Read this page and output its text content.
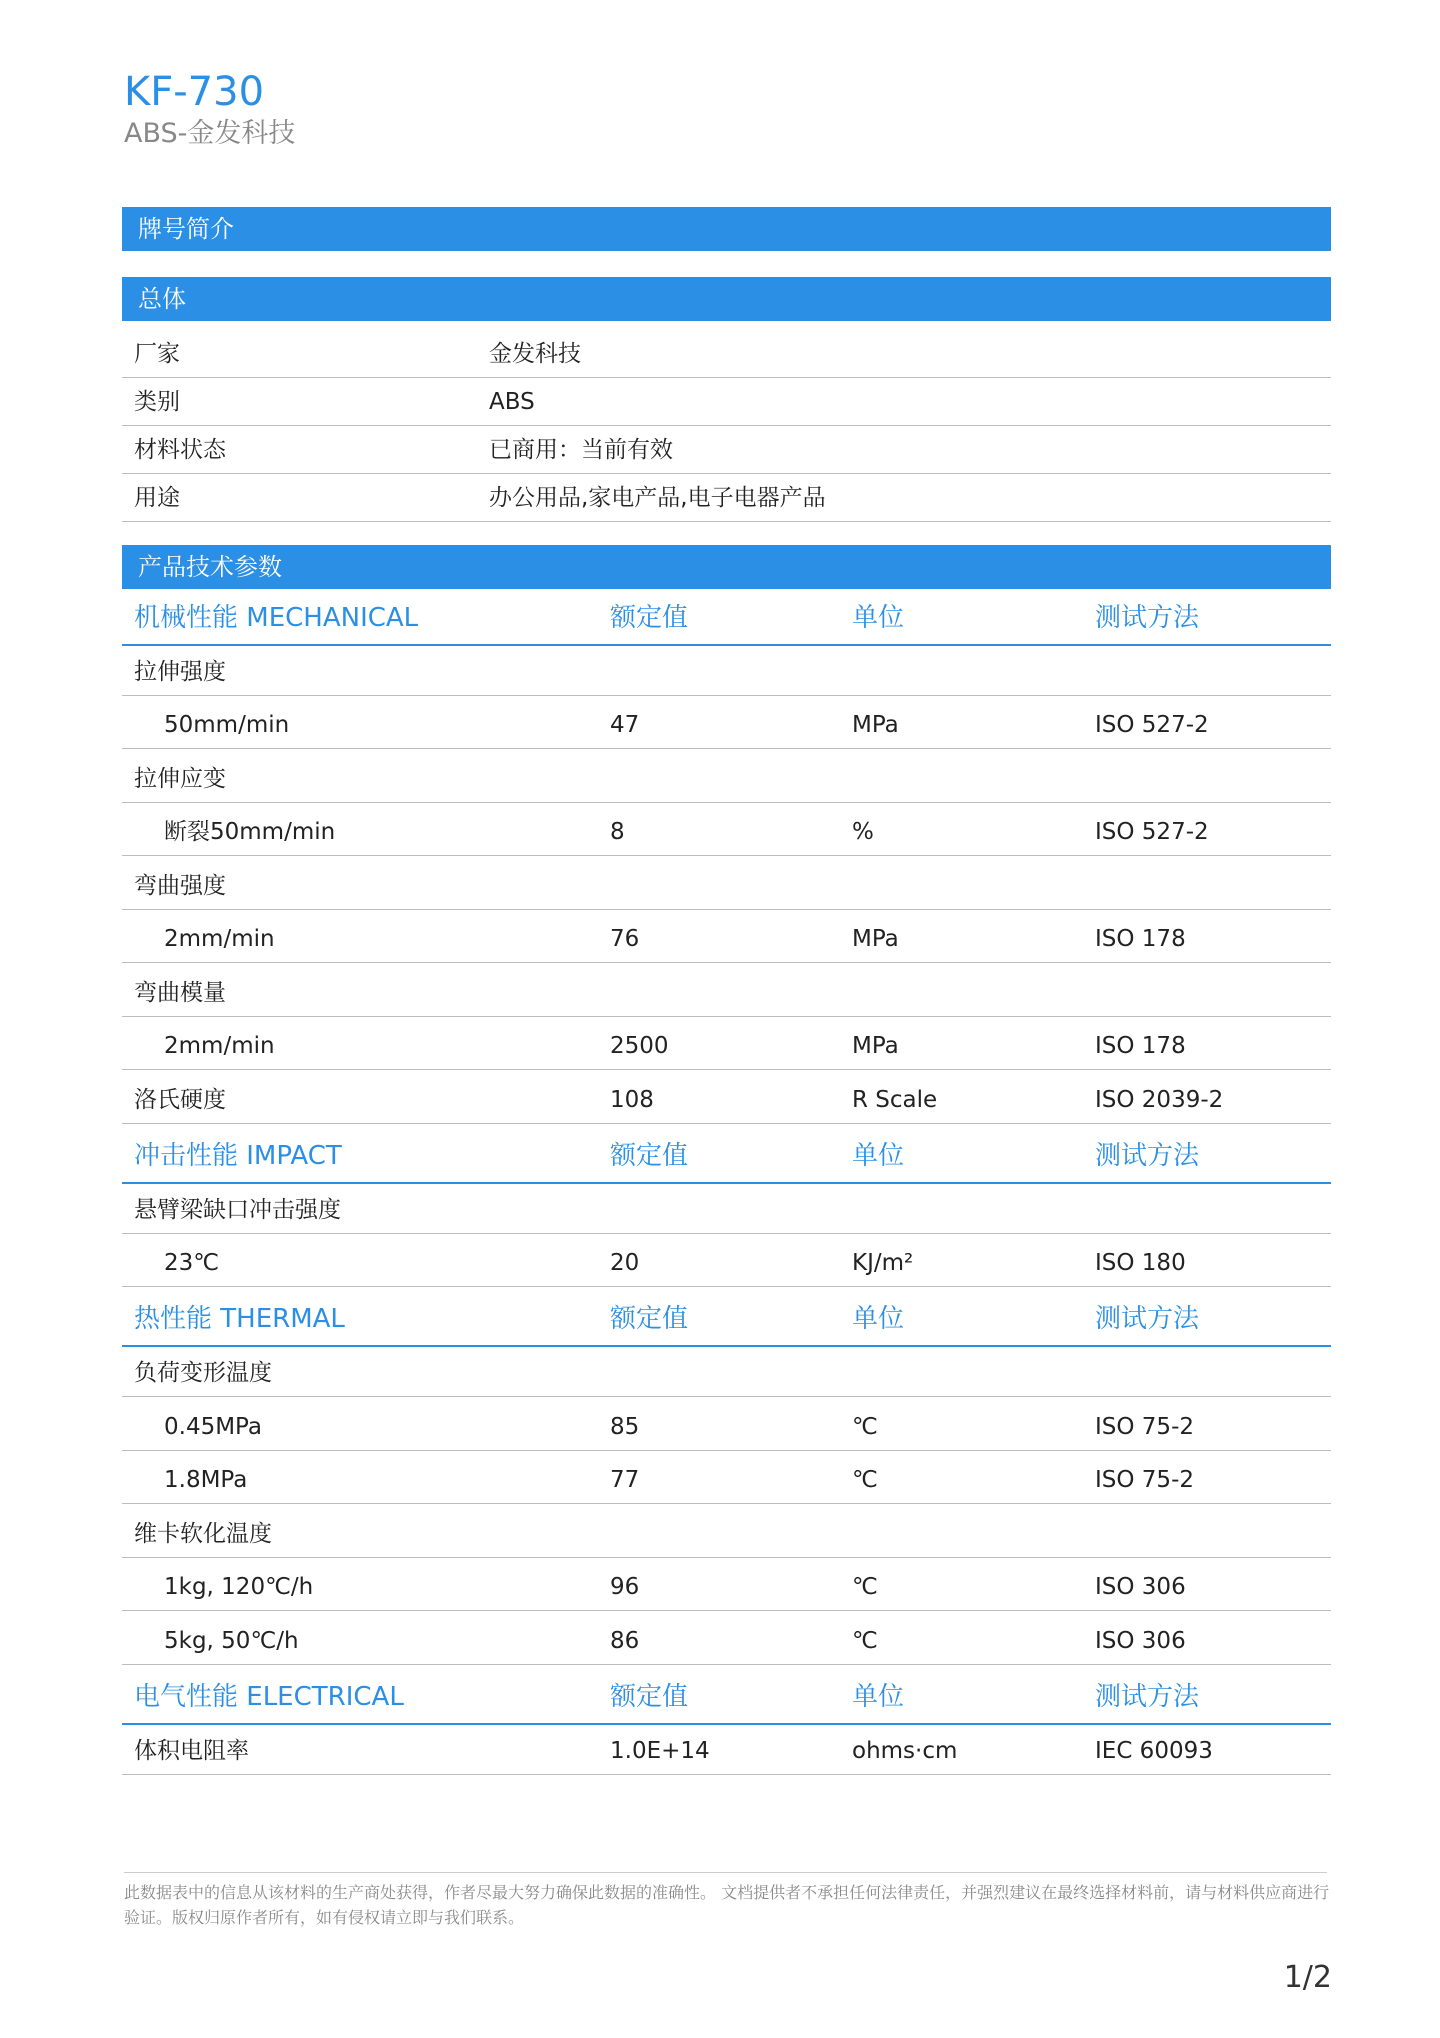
KF-730
ABS-金发科技
牌号简介
总体
厂家	金发科技
类别	ABS
材料状态	已商用：当前有效
用途	办公用品,家电产品,电子电器产品
产品技术参数
机械性能 MECHANICAL	额定值	单位	测试方法
拉伸强度
50mm/min	47	MPa	ISO 527-2
拉伸应变
断裂50mm/min	8	%	ISO 527-2
弯曲强度
2mm/min	76	MPa	ISO 178
弯曲模量
2mm/min	2500	MPa	ISO 178
洛氏硬度	108	R Scale	ISO 2039-2
冲击性能 IMPACT	额定值	单位	测试方法
悬臂梁缺口冲击强度
23℃	20	KJ/m²	ISO 180
热性能 THERMAL	额定值	单位	测试方法
负荷变形温度
0.45MPa	85	℃	ISO 75-2
1.8MPa	77	℃	ISO 75-2
维卡软化温度
1kg, 120℃/h	96	℃	ISO 306
5kg, 50℃/h	86	℃	ISO 306
电气性能 ELECTRICAL	额定值	单位	测试方法
体积电阻率	1.0E+14	ohms·cm	IEC 60093

此数据表中的信息从该材料的生产商处获得，作者尽最大努力确保此数据的准确性。 文档提供者不承担任何法律责任，并强烈建议在最终选择材料前，请与材料供应商进行验证。版权归原作者所有，如有侵权请立即与我们联系。

1/2
